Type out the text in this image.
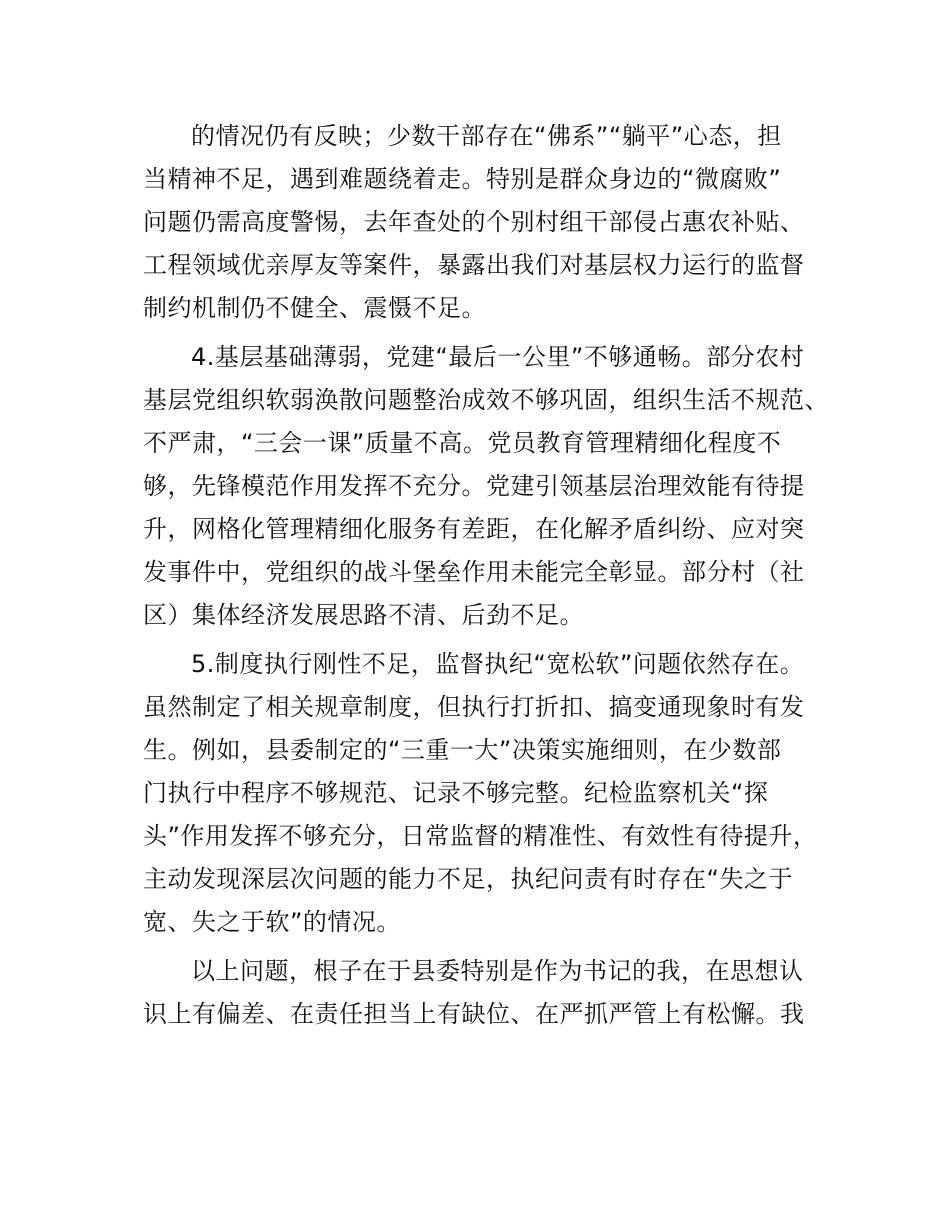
的情况仍有反映；少数干部存在“佛系”“躺平”心态，担
当精神不足，遇到难题绕着走。特别是群众身边的“微腐败”
问题仍需高度警惕，去年查处的个别村组干部侵占惠农补贴、
工程领域优亲厚友等案件，暴露出我们对基层权力运行的监督
制约机制仍不健全、震慑不足。
4.基层基础薄弱，党建“最后一公里”不够通畅。部分农村
基层党组织软弱涣散问题整治成效不够巩固，组织生活不规范、
不严肃，“三会一课”质量不高。党员教育管理精细化程度不
够，先锋模范作用发挥不充分。党建引领基层治理效能有待提
升，网格化管理精细化服务有差距，在化解矛盾纠纷、应对突
发事件中，党组织的战斗堡垒作用未能完全彰显。部分村（社
区）集体经济发展思路不清、后劲不足。
5.制度执行刚性不足，监督执纪“宽松软”问题依然存在。
虽然制定了相关规章制度，但执行打折扣、搞变通现象时有发
生。例如，县委制定的“三重一大”决策实施细则，在少数部
门执行中程序不够规范、记录不够完整。纪检监察机关“探
头”作用发挥不够充分，日常监督的精准性、有效性有待提升，
主动发现深层次问题的能力不足，执纪问责有时存在“失之于
宽、失之于软”的情况。
以上问题，根子在于县委特别是作为书记的我，在思想认
识上有偏差、在责任担当上有缺位、在严抓严管上有松懈。我
